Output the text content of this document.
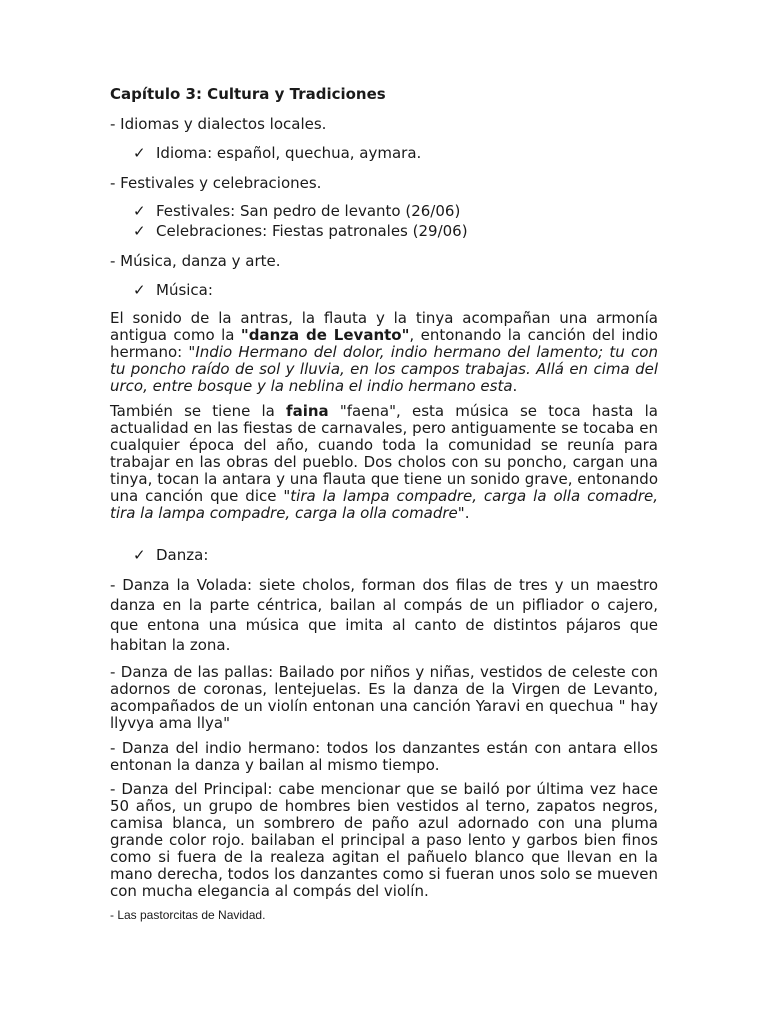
Capítulo 3: Cultura y Tradiciones
- Idiomas y dialectos locales.
✓ Idioma: español, quechua, aymara.
- Festivales y celebraciones.
✓ Festivales: San pedro de levanto (26/06)
✓ Celebraciones: Fiestas patronales (29/06)
- Música, danza y arte.
✓ Música:

El sonido de la antras, la flauta y la tinya acompañan una armonía antigua como la "danza de Levanto", entonando la canción del indio hermano: "Indio Hermano del dolor, indio hermano del lamento; tu con tu poncho raído de sol y lluvia, en los campos trabajas. Allá en cima del urco, entre bosque y la neblina el indio hermano esta.

También se tiene la faina "faena", esta música se toca hasta la actualidad en las fiestas de carnavales, pero antiguamente se tocaba en cualquier época del año, cuando toda la comunidad se reunía para trabajar en las obras del pueblo. Dos cholos con su poncho, cargan una tinya, tocan la antara y una flauta que tiene un sonido grave, entonando una canción que dice "tira la lampa compadre, carga la olla comadre, tira la lampa compadre, carga la olla comadre".

✓ Danza:

- Danza la Volada: siete cholos, forman dos filas de tres y un maestro danza en la parte céntrica, bailan al compás de un pifliador o cajero, que entona una música que imita al canto de distintos pájaros que habitan la zona.

- Danza de las pallas: Bailado por niños y niñas, vestidos de celeste con adornos de coronas, lentejuelas. Es la danza de la Virgen de Levanto, acompañados de un violín entonan una canción Yaravi en quechua " hay llyvya ama llya"

- Danza del indio hermano: todos los danzantes están con antara ellos entonan la danza y bailan al mismo tiempo.

- Danza del Principal: cabe mencionar que se bailó por última vez hace 50 años, un grupo de hombres bien vestidos al terno, zapatos negros, camisa blanca, un sombrero de paño azul adornado con una pluma grande color rojo. bailaban el principal a paso lento y garbos bien finos como si fuera de la realeza agitan el pañuelo blanco que llevan en la mano derecha, todos los danzantes como si fueran unos solo se mueven con mucha elegancia al compás del violín.

- Las pastorcitas de Navidad.
